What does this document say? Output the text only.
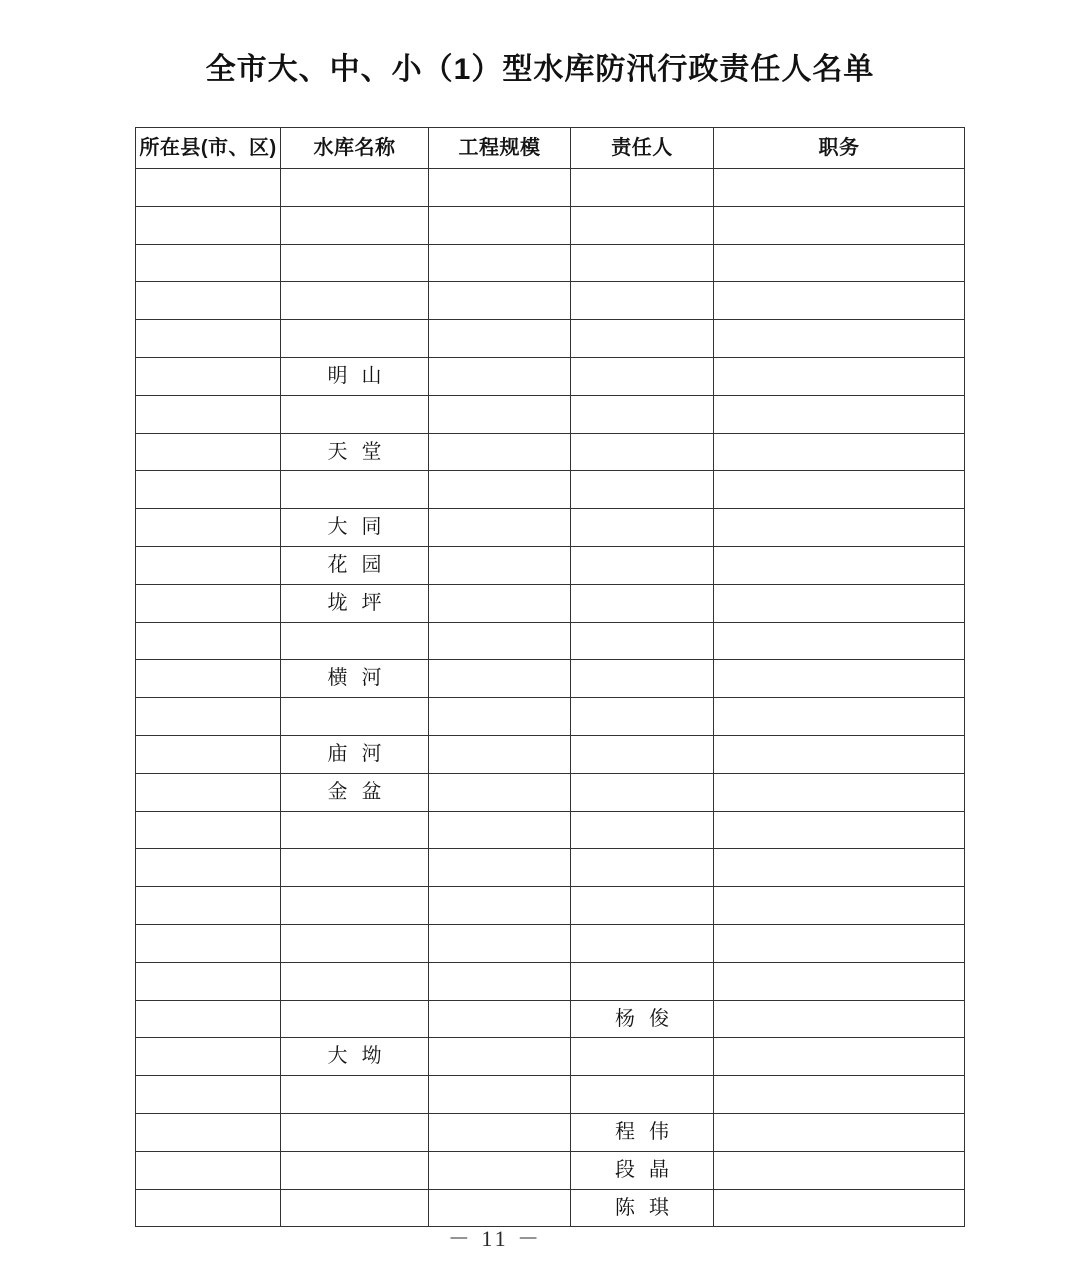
全市大、中、小（1）型水库防汛行政责任人名单
所在县(市、区)	水库名称	工程规模	责任人	职务

	明山			

	天堂			

	大同			
	花园			
	垅坪			

	横河			

	庙河			
	金盆			

			杨俊	
	大坳			

			程伟	
			段晶	
			陈琪	
－ 11 －
